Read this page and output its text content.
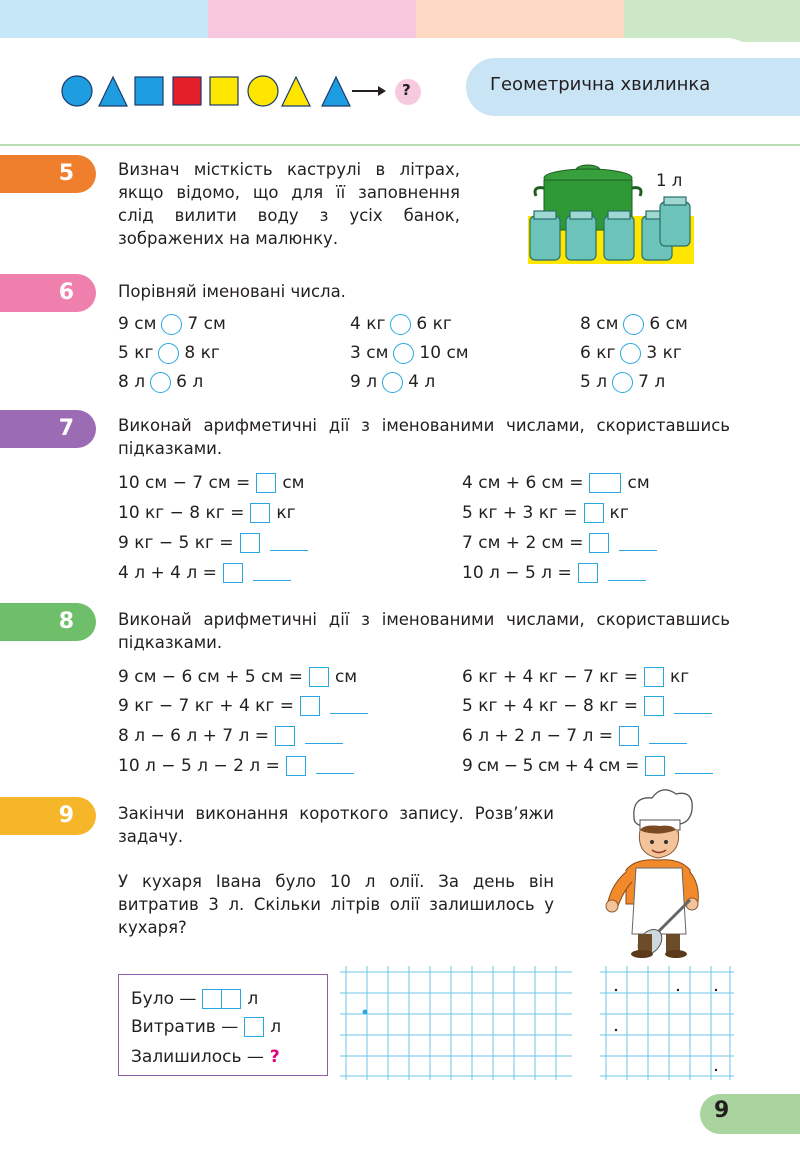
?	Геометрична хвилинка
5	Визнач місткість каструлі в літрах, якщо відомо, що для її заповнення слід вилити воду з усіх банок, зображених на малюнку.
1 л
6	Порівняй іменовані числа.
9 см 7 см	4 кг 6 кг	8 см 6 см
5 кг 8 кг	3 см 10 см	6 кг 3 кг
8 л 6 л	9 л 4 л	5 л 7 л
7	Виконай арифметичні дії з іменованими числами, скориставшись підказками.
10 см − 7 см = см
10 кг − 8 кг = кг
9 кг − 5 кг =
4 л + 4 л =
4 см + 6 см =	см
5 кг + 3 кг = кг
7 см + 2 см =
10 л − 5 л =
8	Виконай арифметичні дії з іменованими числами, скориставшись підказками.
9 см − 6 см + 5 см = см
9 кг − 7 кг + 4 кг =
8 л − 6 л + 7 л =
10 л − 5 л − 2 л =
6 кг + 4 кг − 7 кг = кг
5 кг + 4 кг − 8 кг =
6 л + 2 л − 7 л =
9 см − 5 см + 4 см =
9	Закінчи виконання короткого запису. Розв’яжи задачу.
У кухаря Івана було 10 л олії. За день він витратив 3 л. Скільки літрів олії залишилось у кухаря?
Було —	л
Витратив — л
Залишилось — ?
9
